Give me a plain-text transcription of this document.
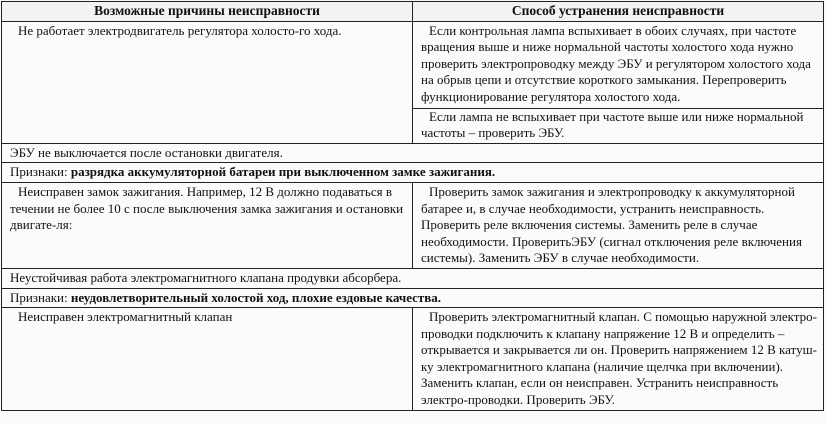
Возможные причины неисправности	Способ устранения неисправности

Не работает электродвигатель регулятора холосто-го хода.	Если контрольная лампа вспыхивает в обоих случаях, при частоте вращения выше и ниже нормальной частоты холостого хода нужно проверить электропроводку между ЭБУ и регулятором холостого хода на обрыв цепи и отсутствие короткого замыкания. Перепроверить функционирование регулятора холостого хода.
Если лампа не вспыхивает при частоте выше или ниже нормальной частоты – проверить ЭБУ.

ЭБУ не выключается после остановки двигателя.	
Признаки: разрядка аккумуляторной батареи при выключенном замке зажигания.	

Неисправен замок зажигания. Например, 12 В должно подаваться в течении не более 10 с после выключения замка зажигания и остановки двигате-ля:	Проверить замок зажигания и электропроводку к аккумуляторной батарее и, в случае необходимости, устранить неисправность. Проверить реле включения системы. Заменить реле в случае необходимости. ПроверитьЭБУ (сигнал отключения реле включения системы). Заменить ЭБУ в случае необходимости.

Неустойчивая работа электромагнитного клапана продувки абсорбера.	
Признаки: неудовлетворительный холостой ход, плохие ездовые качества.	

Неисправен электромагнитный клапан	Проверить электромагнитный клапан. С помощью наружной электро-проводки подключить к клапану напряжение 12 В и определить – открывается и закрывается ли он. Проверить напряжением 12 В катуш-ку электромагнитного клапана (наличие щелчка при включении). Заменить клапан, если он неисправен. Устранить неисправность электро-проводки. Проверить ЭБУ.
